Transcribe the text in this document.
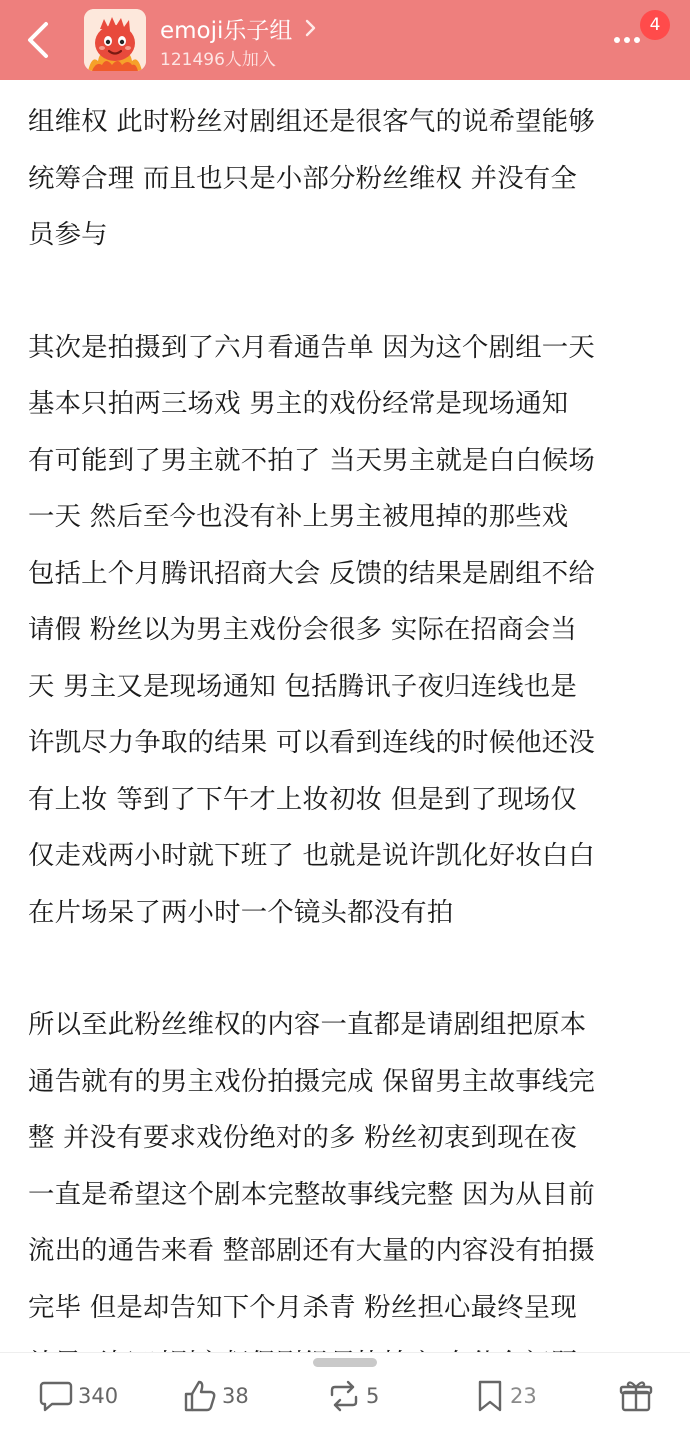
emoji乐子组
121496人加入
4

组维权 此时粉丝对剧组还是很客气的说希望能够
统筹合理 而且也只是小部分粉丝维权 并没有全
员参与

其次是拍摄到了六月看通告单 因为这个剧组一天
基本只拍两三场戏 男主的戏份经常是现场通知
有可能到了男主就不拍了 当天男主就是白白候场
一天 然后至今也没有补上男主被甩掉的那些戏
包括上个月腾讯招商大会 反馈的结果是剧组不给
请假 粉丝以为男主戏份会很多 实际在招商会当
天 男主又是现场通知 包括腾讯子夜归连线也是
许凯尽力争取的结果 可以看到连线的时候他还没
有上妆 等到了下午才上妆初妆 但是到了现场仅
仅走戏两小时就下班了 也就是说许凯化好妆白白
在片场呆了两小时一个镜头都没有拍

所以至此粉丝维权的内容一直都是请剧组把原本
通告就有的男主戏份拍摄完成 保留男主故事线完
整 并没有要求戏份绝对的多 粉丝初衷到现在夜
一直是希望这个剧本完整故事线完整 因为从目前
流出的通告来看 整部剧还有大量的内容没有拍摄
完毕 但是却告知下个月杀青 粉丝担心最终呈现

340	38	5	23
